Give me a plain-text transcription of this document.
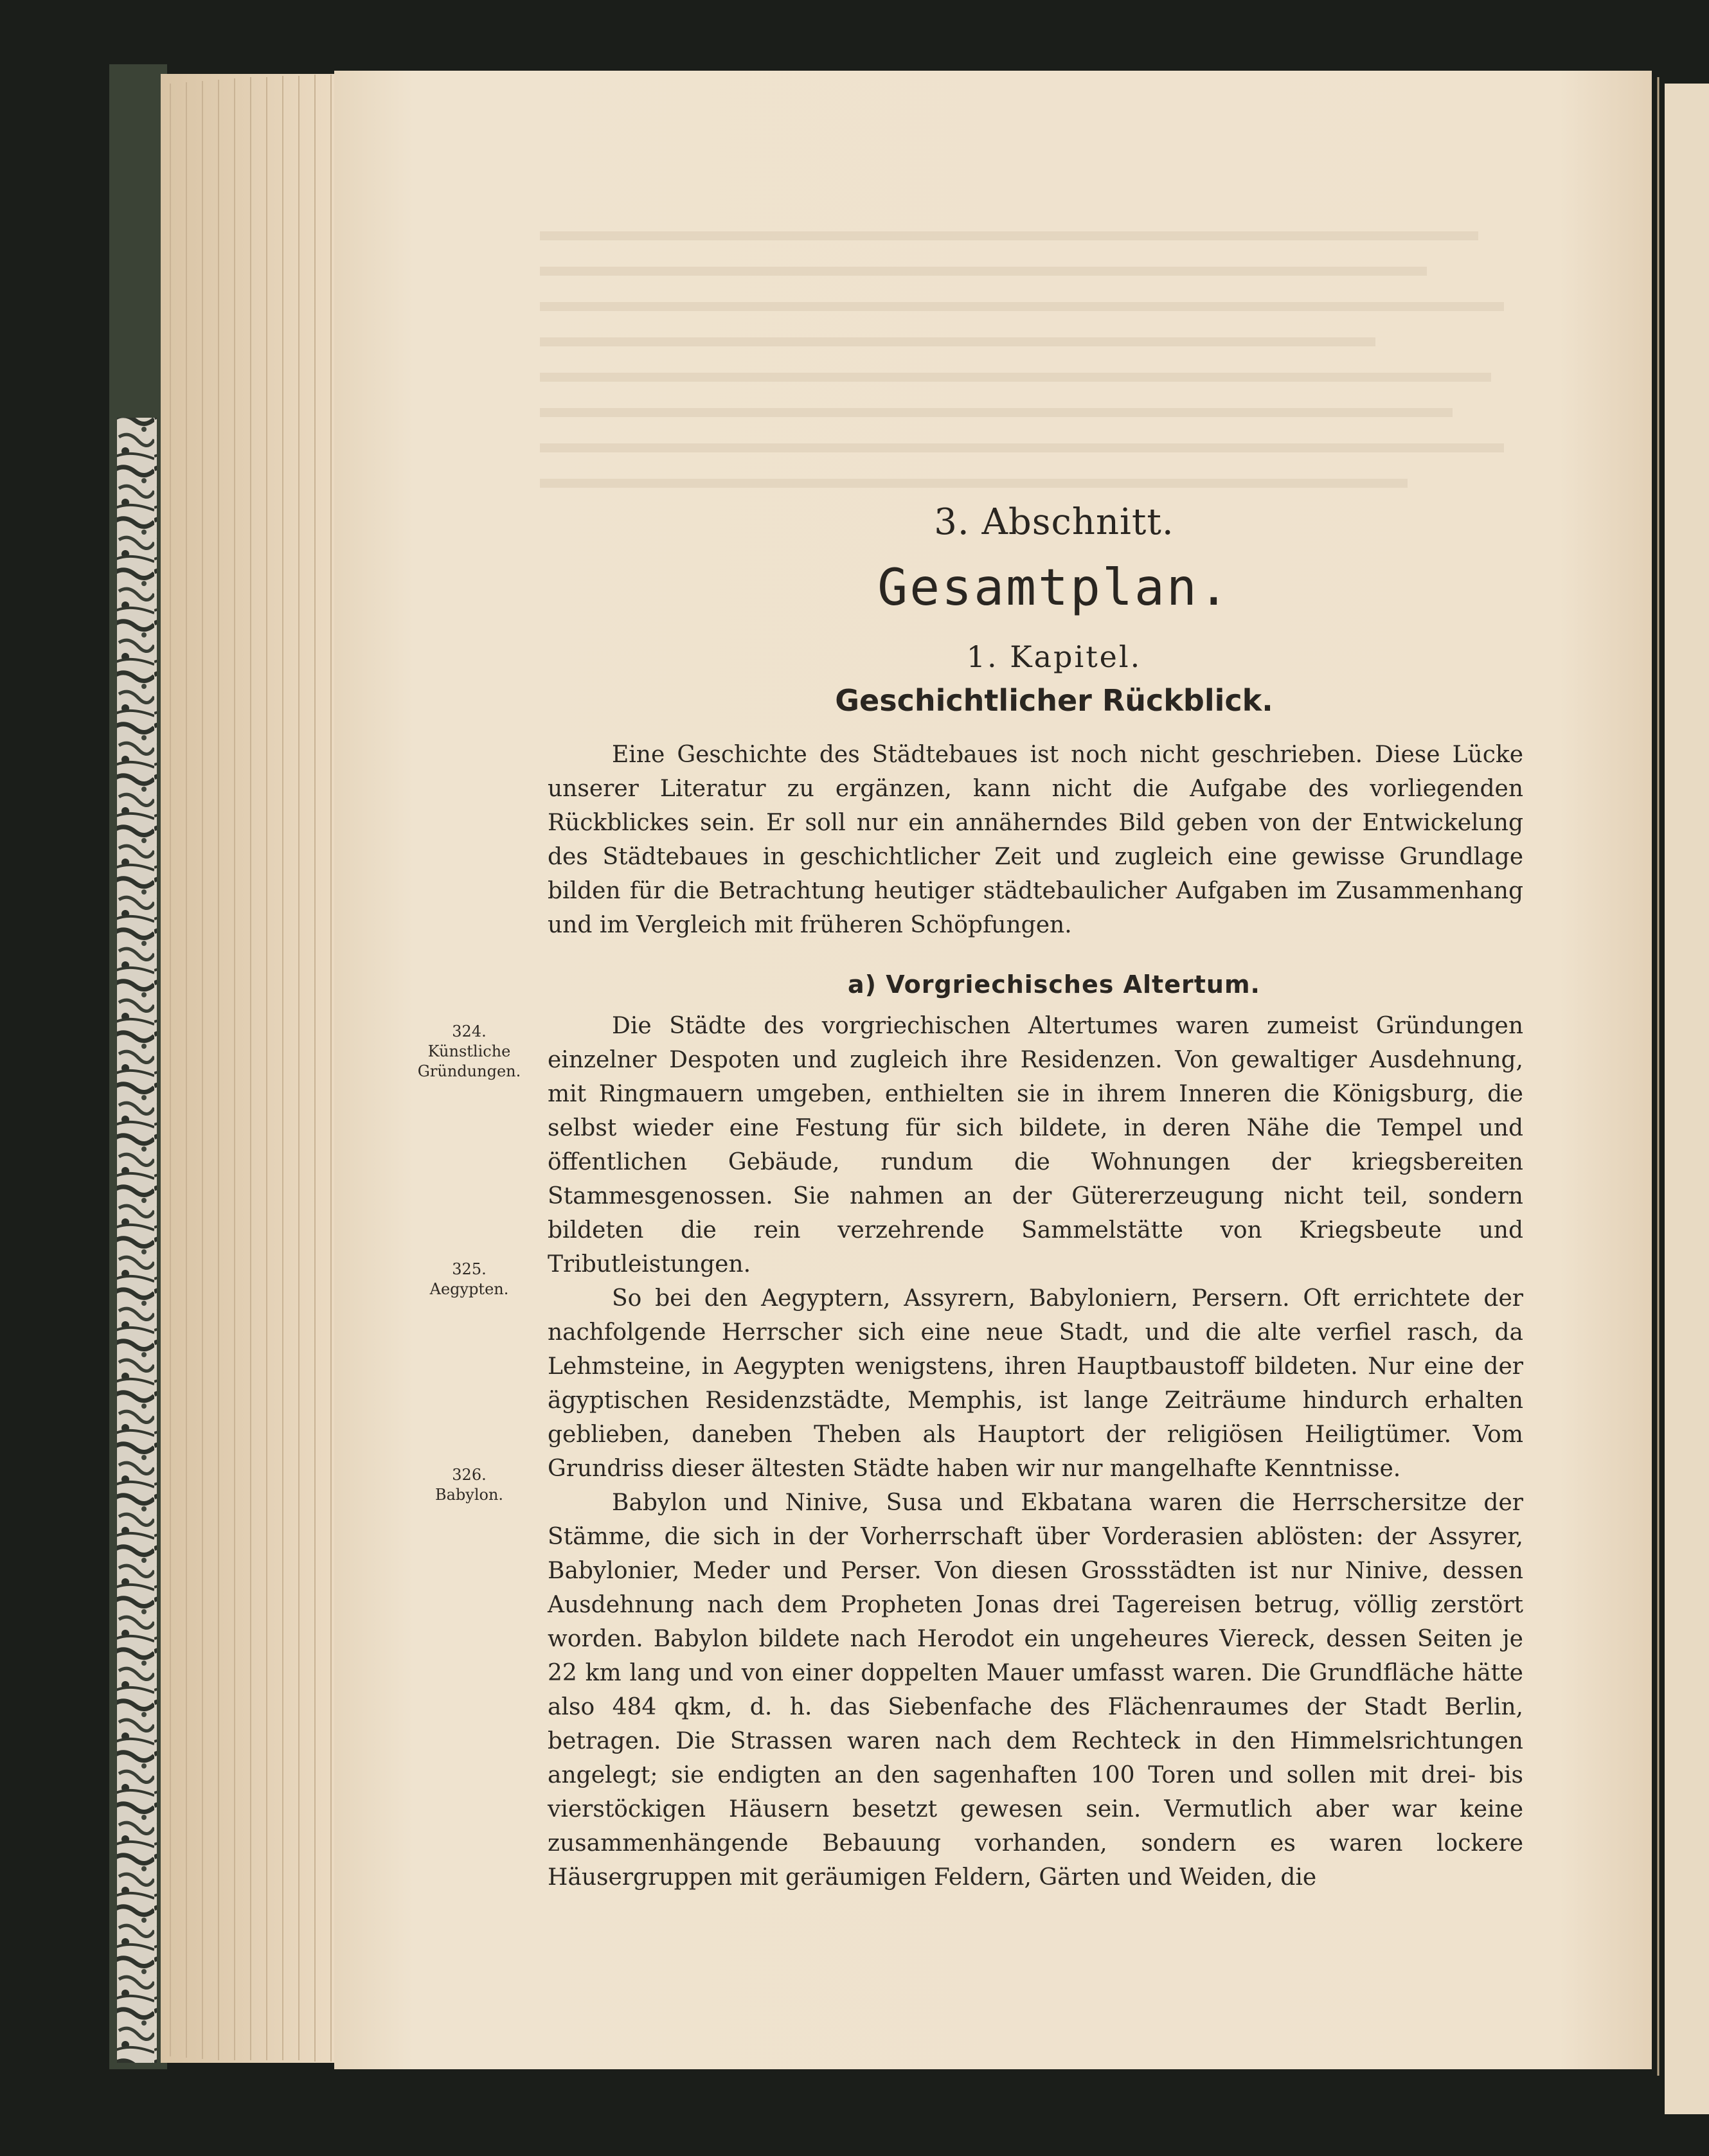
3. Abschnitt.
Gesamtplan.
1. Kapitel.
Geschichtlicher Rückblick.

Eine Geschichte des Städtebaues ist noch nicht geschrieben. Diese Lücke unserer Literatur zu ergänzen, kann nicht die Aufgabe des vorliegenden Rückblickes sein. Er soll nur ein annäherndes Bild geben von der Entwickelung des Städtebaues in geschichtlicher Zeit und zugleich eine gewisse Grundlage bilden für die Betrachtung heutiger städtebaulicher Aufgaben im Zusammenhang und im Vergleich mit früheren Schöpfungen.

a) Vorgriechisches Altertum.

Die Städte des vorgriechischen Altertumes waren zumeist Gründungen einzelner Despoten und zugleich ihre Residenzen. Von gewaltiger Ausdehnung, mit Ringmauern umgeben, enthielten sie in ihrem Inneren die Königsburg, die selbst wieder eine Festung für sich bildete, in deren Nähe die Tempel und öffentlichen Gebäude, rundum die Wohnungen der kriegsbereiten Stammesgenossen. Sie nahmen an der Gütererzeugung nicht teil, sondern bildeten die rein verzehrende Sammelstätte von Kriegsbeute und Tributleistungen.

So bei den Aegyptern, Assyrern, Babyloniern, Persern. Oft errichtete der nachfolgende Herrscher sich eine neue Stadt, und die alte verfiel rasch, da Lehmsteine, in Aegypten wenigstens, ihren Hauptbaustoff bildeten. Nur eine der ägyptischen Residenzstädte, Memphis, ist lange Zeiträume hindurch erhalten geblieben, daneben Theben als Hauptort der religiösen Heiligtümer. Vom Grundriss dieser ältesten Städte haben wir nur mangelhafte Kenntnisse.

Babylon und Ninive, Susa und Ekbatana waren die Herrschersitze der Stämme, die sich in der Vorherrschaft über Vorderasien ablösten: der Assyrer, Babylonier, Meder und Perser. Von diesen Grossstädten ist nur Ninive, dessen Ausdehnung nach dem Propheten Jonas drei Tagereisen betrug, völlig zerstört worden. Babylon bildete nach Herodot ein ungeheures Viereck, dessen Seiten je 22 km lang und von einer doppelten Mauer umfasst waren. Die Grundfläche hätte also 484 qkm, d. h. das Siebenfache des Flächenraumes der Stadt Berlin, betragen. Die Strassen waren nach dem Rechteck in den Himmelsrichtungen angelegt; sie endigten an den sagenhaften 100 Toren und sollen mit drei- bis vierstöckigen Häusern besetzt gewesen sein. Vermutlich aber war keine zusammenhängende Bebauung vorhanden, sondern es waren lockere Häusergruppen mit geräumigen Feldern, Gärten und Weiden, die

324.
Künstliche
Gründungen.
325.
Aegypten.
326.
Babylon.
